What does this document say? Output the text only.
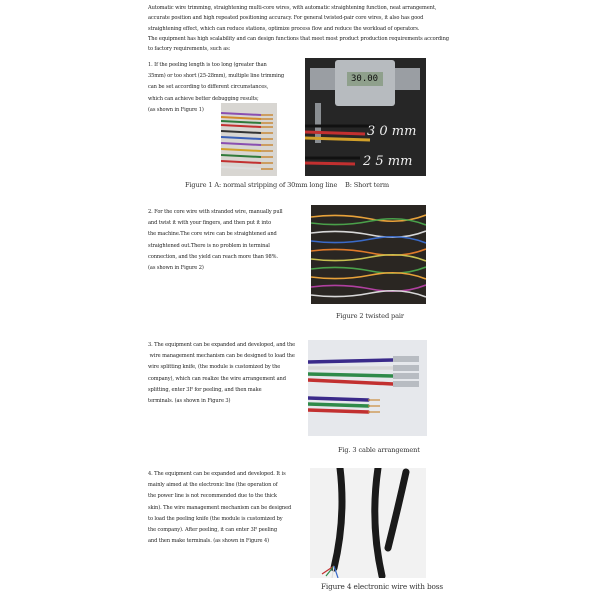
Automatic wire trimming, straightening multi-core wires, with automatic straightening function, neat arrangement,
accurate position and high repeated positioning accuracy. For general twisted-pair core wires, it also has good
straightening effect, which can reduce stations, optimize process flow and reduce the workload of operators.
The equipment has high scalability and can design functions that meet most product production requirements according
to factory requirements, such as:
1. If the peeling length is too long (greater than
35mm) or too short (25-28mm), multiple line trimming
can be set according to different circumstances,
which can achieve better debugging results;
(as shown in Figure 1)
30.00
3 0 mm
2 5 mm
Figure 1 A: normal stripping of 30mm long line B: Short term
2. For the core wire with stranded wire, manually pull
and twist it with your fingers, and then put it into
the machine.The core wire can be straightened and
straightened out.There is no problem in terminal
connection, and the yield can reach more than 98%.
(as shown in Figure 2)
Figure 2 twisted pair
3. The equipment can be expanded and developed, and the
wire management mechanism can be designed to load the
wire splitting knife, (the module is customized by the
company), which can realize the wire arrangement and
splitting, enter 3F for peeling, and then make
terminals. (as shown in Figure 3)
Fig. 3 cable arrangement
4. The equipment can be expanded and developed. It is
mainly aimed at the electronic line (the operation of
the power line is not recommended due to the thick
skin). The wire management mechanism can be designed
to load the peeling knife (the module is customized by
the company). After peeling, it can enter 3F peeling
and then make terminals. (as shown in Figure 4)
Figure 4 electronic wire with boss
